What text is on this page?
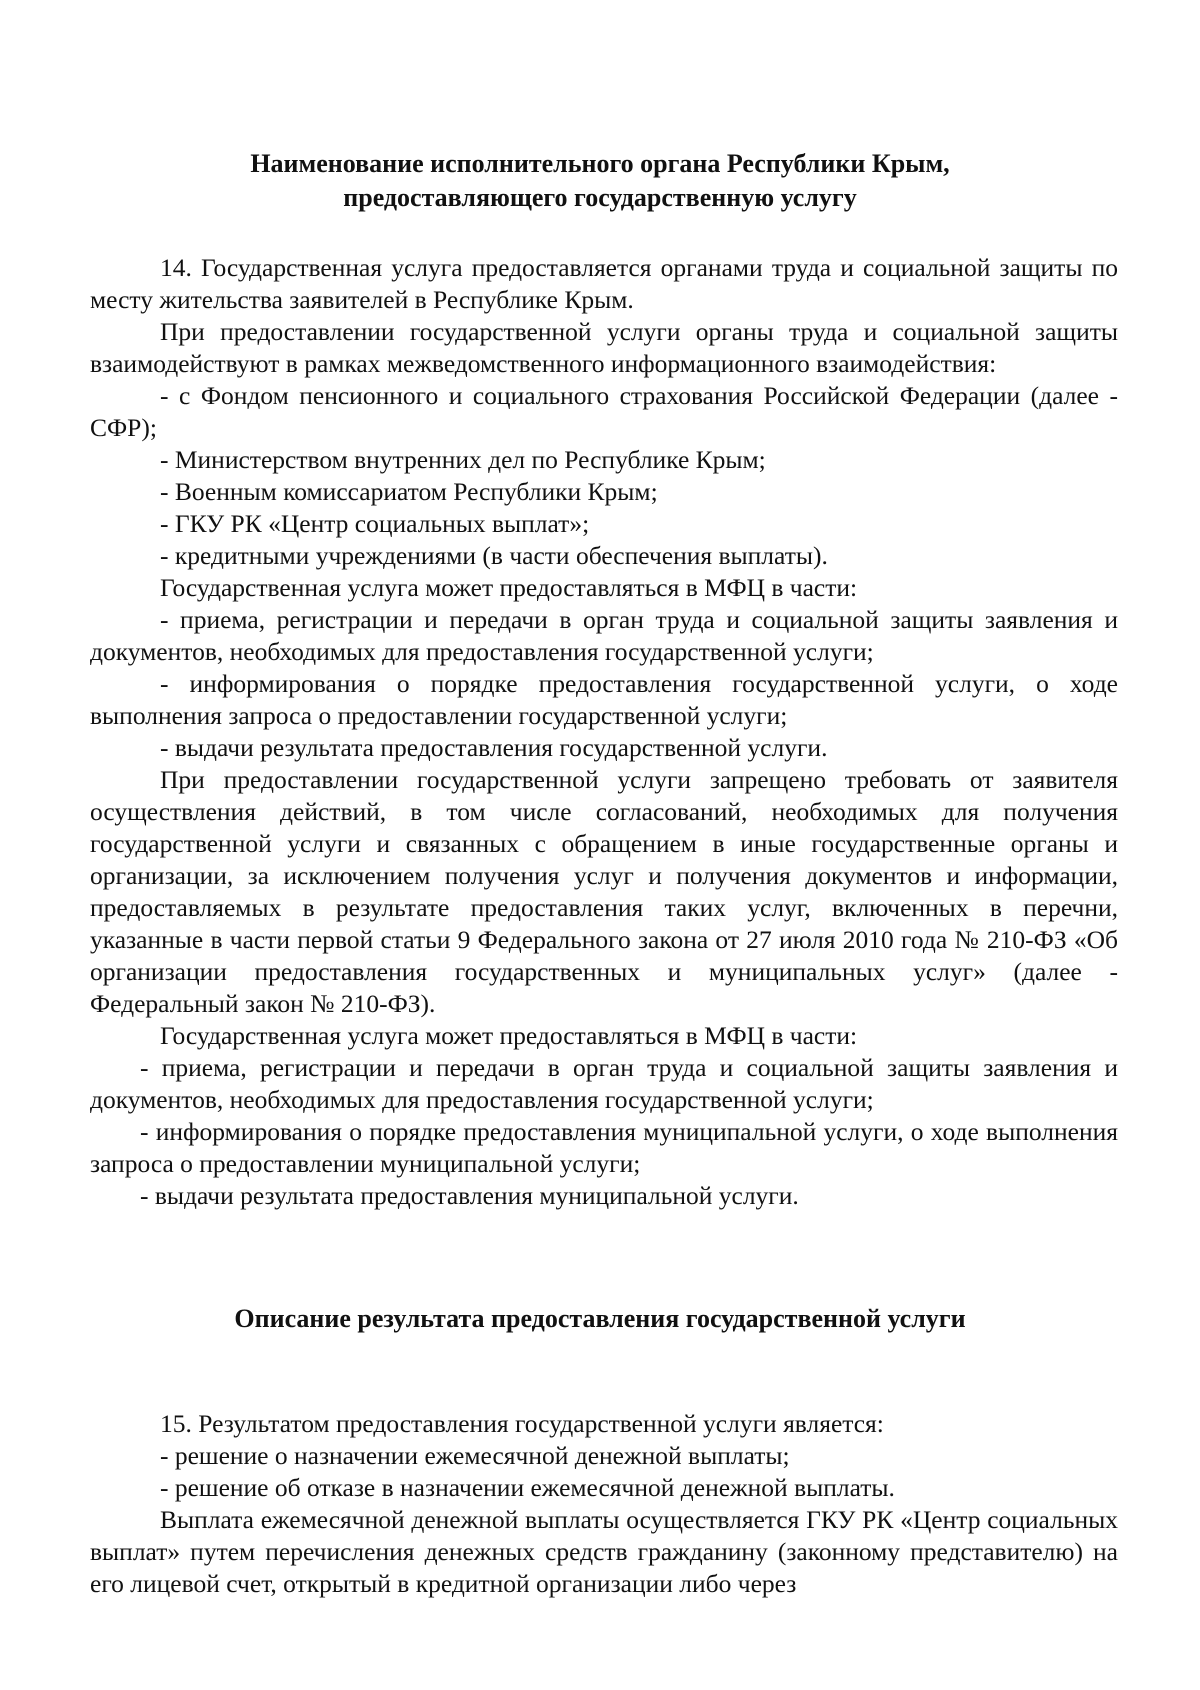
Наименование исполнительного органа Республики Крым,
предоставляющего государственную услугу

14. Государственная услуга предоставляется органами труда и социальной защиты по месту жительства заявителей в Республике Крым.

При предоставлении государственной услуги органы труда и социальной защиты взаимодействуют в рамках межведомственного информационного взаимодействия:

- с Фондом пенсионного и социального страхования Российской Федерации (далее - СФР);

- Министерством внутренних дел по Республике Крым;

- Военным комиссариатом Республики Крым;

- ГКУ РК «Центр социальных выплат»;

- кредитными учреждениями (в части обеспечения выплаты).

Государственная услуга может предоставляться в МФЦ в части:

- приема, регистрации и передачи в орган труда и социальной защиты заявления и документов, необходимых для предоставления государственной услуги;

- информирования о порядке предоставления государственной услуги, о ходе выполнения запроса о предоставлении государственной услуги;

- выдачи результата предоставления государственной услуги.

При предоставлении государственной услуги запрещено требовать от заявителя осуществления действий, в том числе согласований, необходимых для получения государственной услуги и связанных с обращением в иные государственные органы и организации, за исключением получения услуг и получения документов и информации, предоставляемых в результате предоставления таких услуг, включенных в перечни, указанные в части первой статьи 9 Федерального закона от 27 июля 2010 года № 210-ФЗ «Об организации предоставления государственных и муниципальных услуг» (далее - Федеральный закон № 210-ФЗ).

Государственная услуга может предоставляться в МФЦ в части:

- приема, регистрации и передачи в орган труда и социальной защиты заявления и документов, необходимых для предоставления государственной услуги;

- информирования о порядке предоставления муниципальной услуги, о ходе выполнения запроса о предоставлении муниципальной услуги;

- выдачи результата предоставления муниципальной услуги.

Описание результата предоставления государственной услуги

15. Результатом предоставления государственной услуги является:

- решение о назначении ежемесячной денежной выплаты;

- решение об отказе в назначении ежемесячной денежной выплаты.

Выплата ежемесячной денежной выплаты осуществляется ГКУ РК «Центр социальных выплат» путем перечисления денежных средств гражданину (законному представителю) на его лицевой счет, открытый в кредитной организации либо через
